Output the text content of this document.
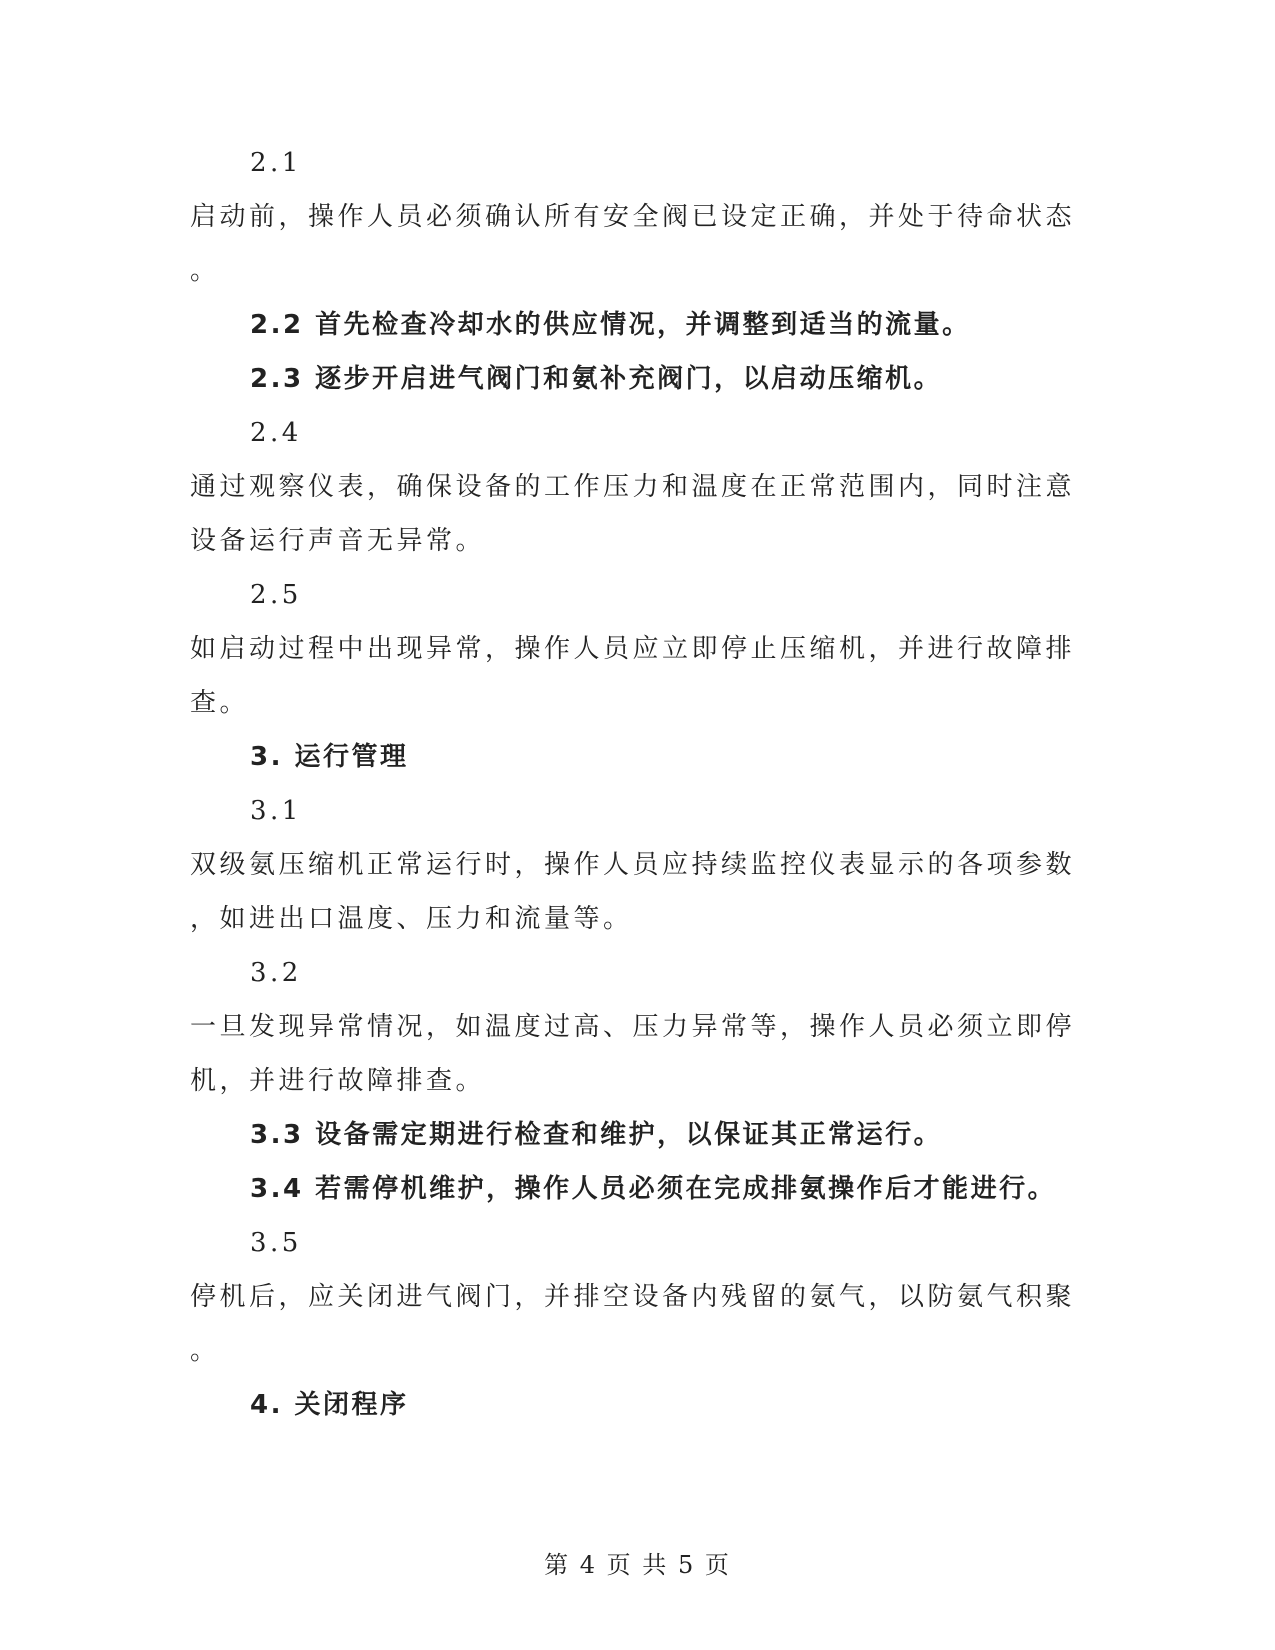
2.1
启动前，操作人员必须确认所有安全阀已设定正确，并处于待命状态
。
2.2 首先检查冷却水的供应情况，并调整到适当的流量。
2.3 逐步开启进气阀门和氨补充阀门，以启动压缩机。
2.4
通过观察仪表，确保设备的工作压力和温度在正常范围内，同时注意
设备运行声音无异常。
2.5
如启动过程中出现异常，操作人员应立即停止压缩机，并进行故障排
查。
3. 运行管理
3.1
双级氨压缩机正常运行时，操作人员应持续监控仪表显示的各项参数
，如进出口温度、压力和流量等。
3.2
一旦发现异常情况，如温度过高、压力异常等，操作人员必须立即停
机，并进行故障排查。
3.3 设备需定期进行检查和维护，以保证其正常运行。
3.4 若需停机维护，操作人员必须在完成排氨操作后才能进行。
3.5
停机后，应关闭进气阀门，并排空设备内残留的氨气，以防氨气积聚
。
4. 关闭程序
第 4 页 共 5 页
